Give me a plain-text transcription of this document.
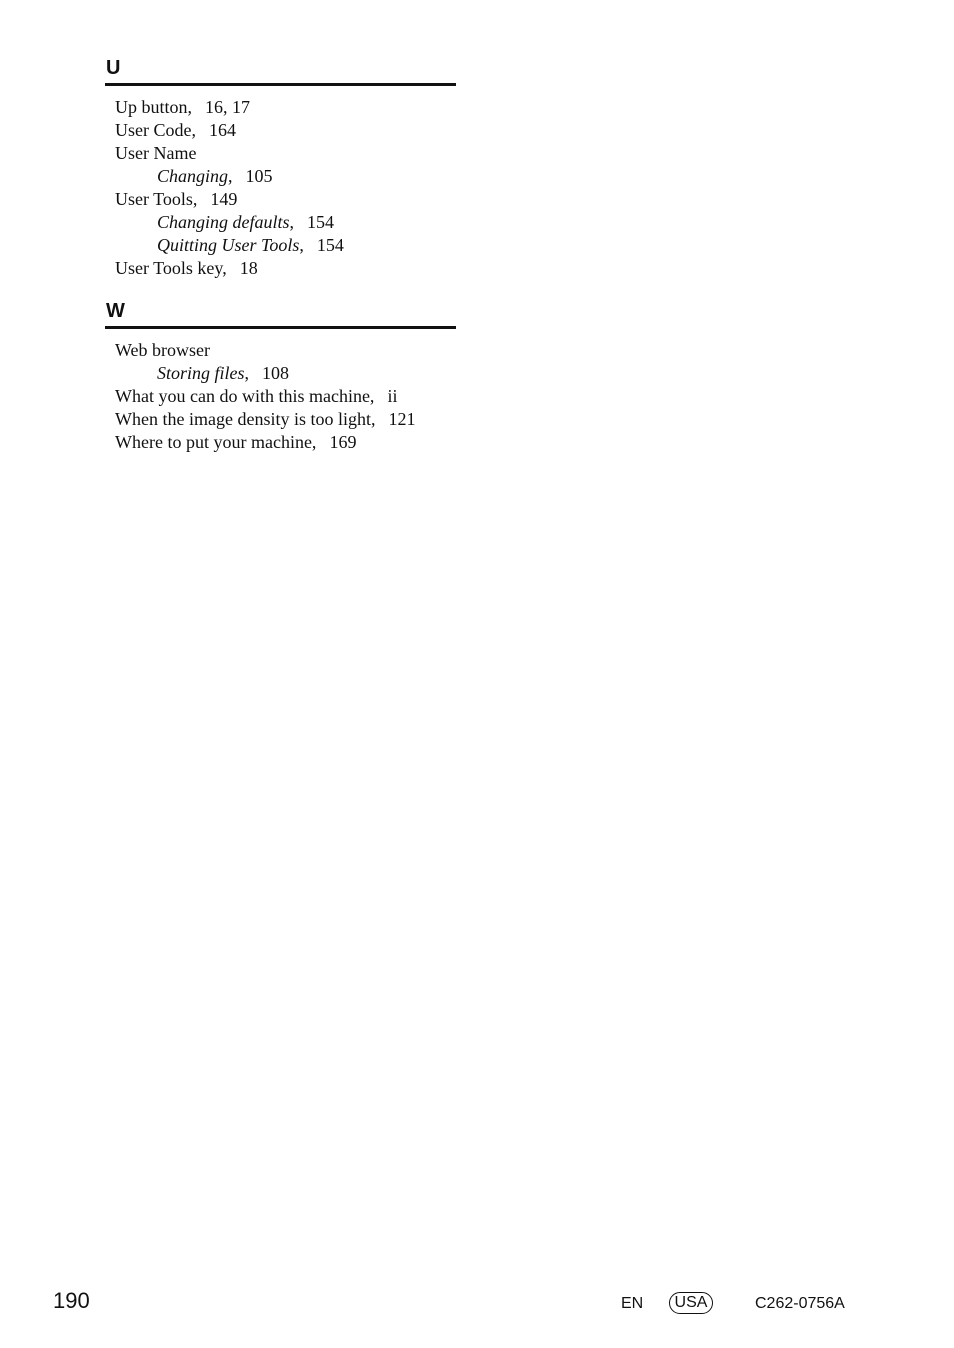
U
Up button, 16, 17
User Code, 164
User Name
Changing, 105
User Tools, 149
Changing defaults, 154
Quitting User Tools, 154
User Tools key, 18
W
Web browser
Storing files, 108
What you can do with this machine, ii
When the image density is too light, 121
Where to put your machine, 169
190	EN	USA	C262-0756A
